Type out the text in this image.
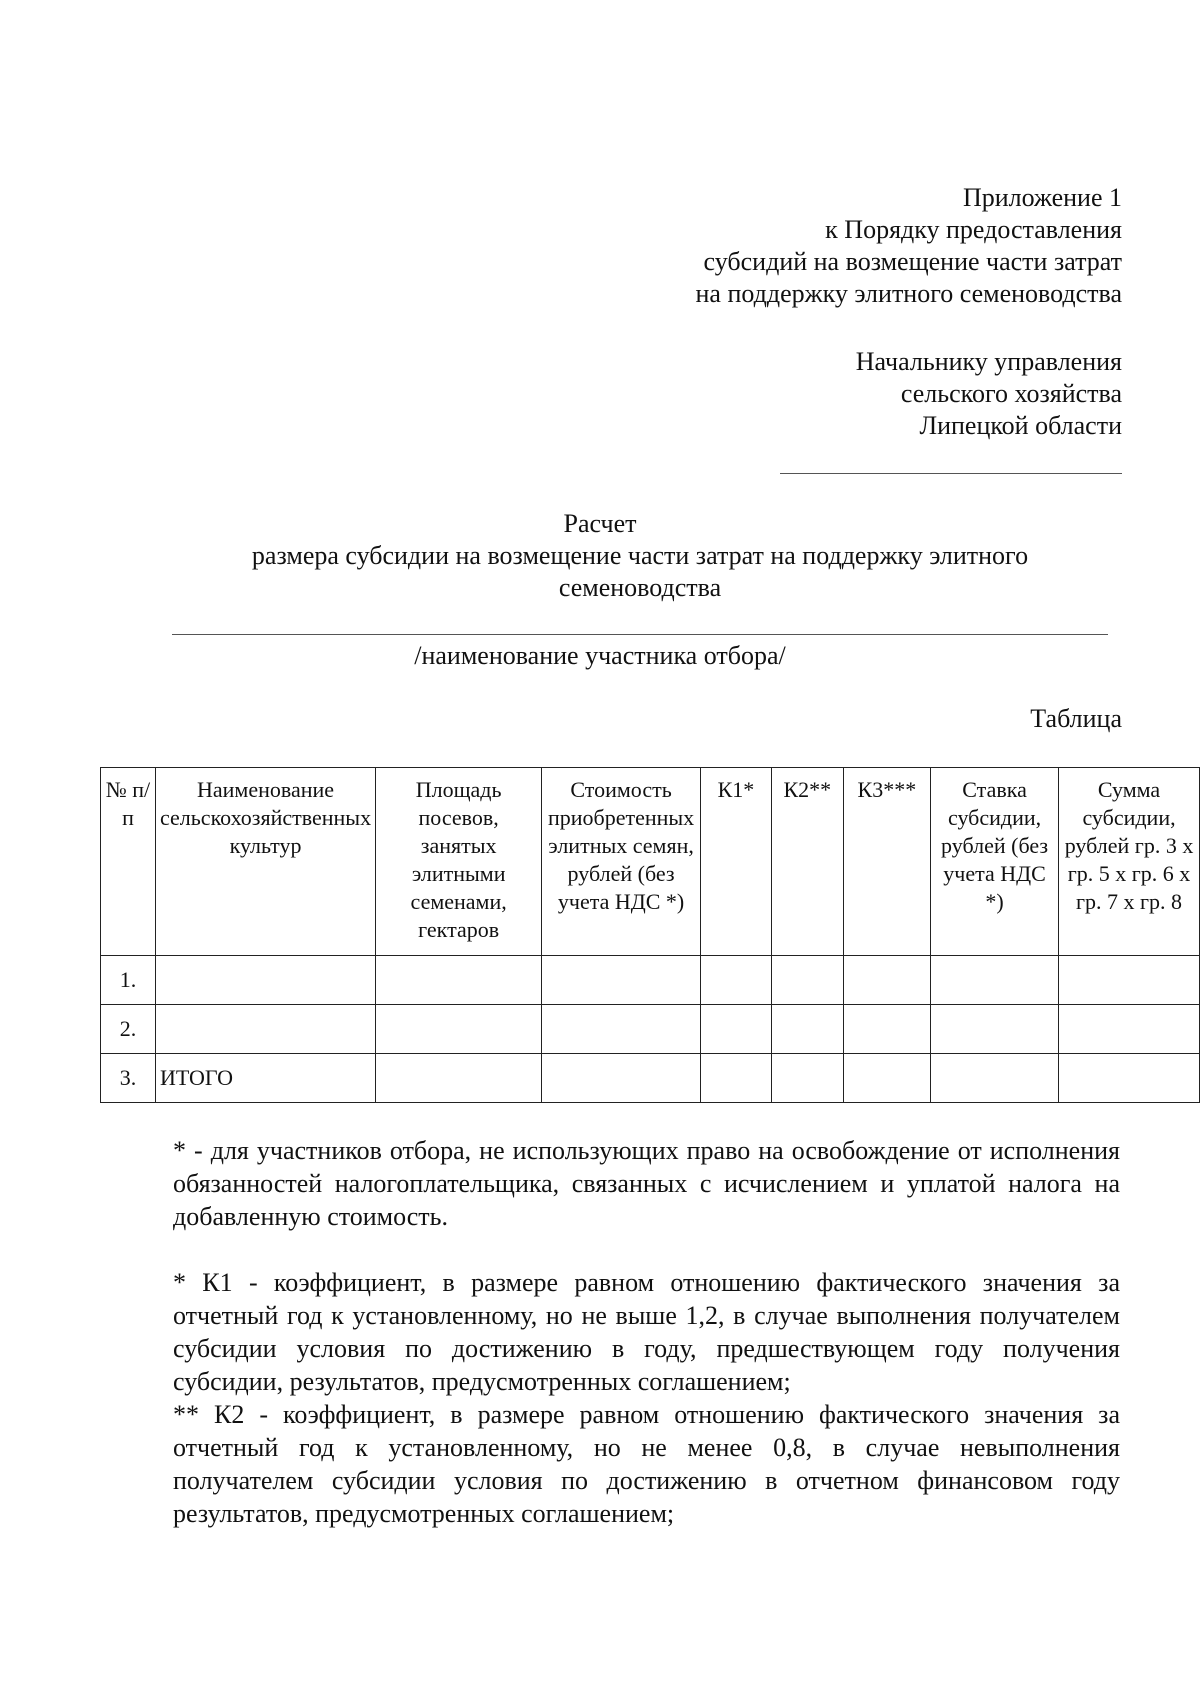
Приложение 1
к Порядку предоставления
субсидий на возмещение части затрат
на поддержку элитного семеноводства
Начальнику управления
сельского хозяйства
Липецкой области
Расчет
размера субсидии на возмещение части затрат на поддержку элитного семеноводства
/наименование участника отбора/
Таблица
№ п/п	Наименование сельскохозяйственных культур	Площадь посевов, занятых элитными семенами, гектаров	Стоимость приобретенных элитных семян, рублей (без учета НДС *)	К1*	К2**	К3***	Ставка субсидии, рублей (без учета НДС *)	Сумма субсидии, рублей гр. 3 x гр. 5 x гр. 6 x гр. 7 x гр. 8
1.								
2.								
3.	ИТОГО							
* - для участников отбора, не использующих право на освобождение от исполнения обязанностей налогоплательщика, связанных с исчислением и уплатой налога на добавленную стоимость.
* К1 - коэффициент, в размере равном отношению фактического значения за отчетный год к установленному, но не выше 1,2, в случае выполнения получателем субсидии условия по достижению в году, предшествующем году получения субсидии, результатов, предусмотренных соглашением;
** К2 - коэффициент, в размере равном отношению фактического значения за отчетный год к установленному, но не менее 0,8, в случае невыполнения получателем субсидии условия по достижению в отчетном финансовом году результатов, предусмотренных соглашением;
